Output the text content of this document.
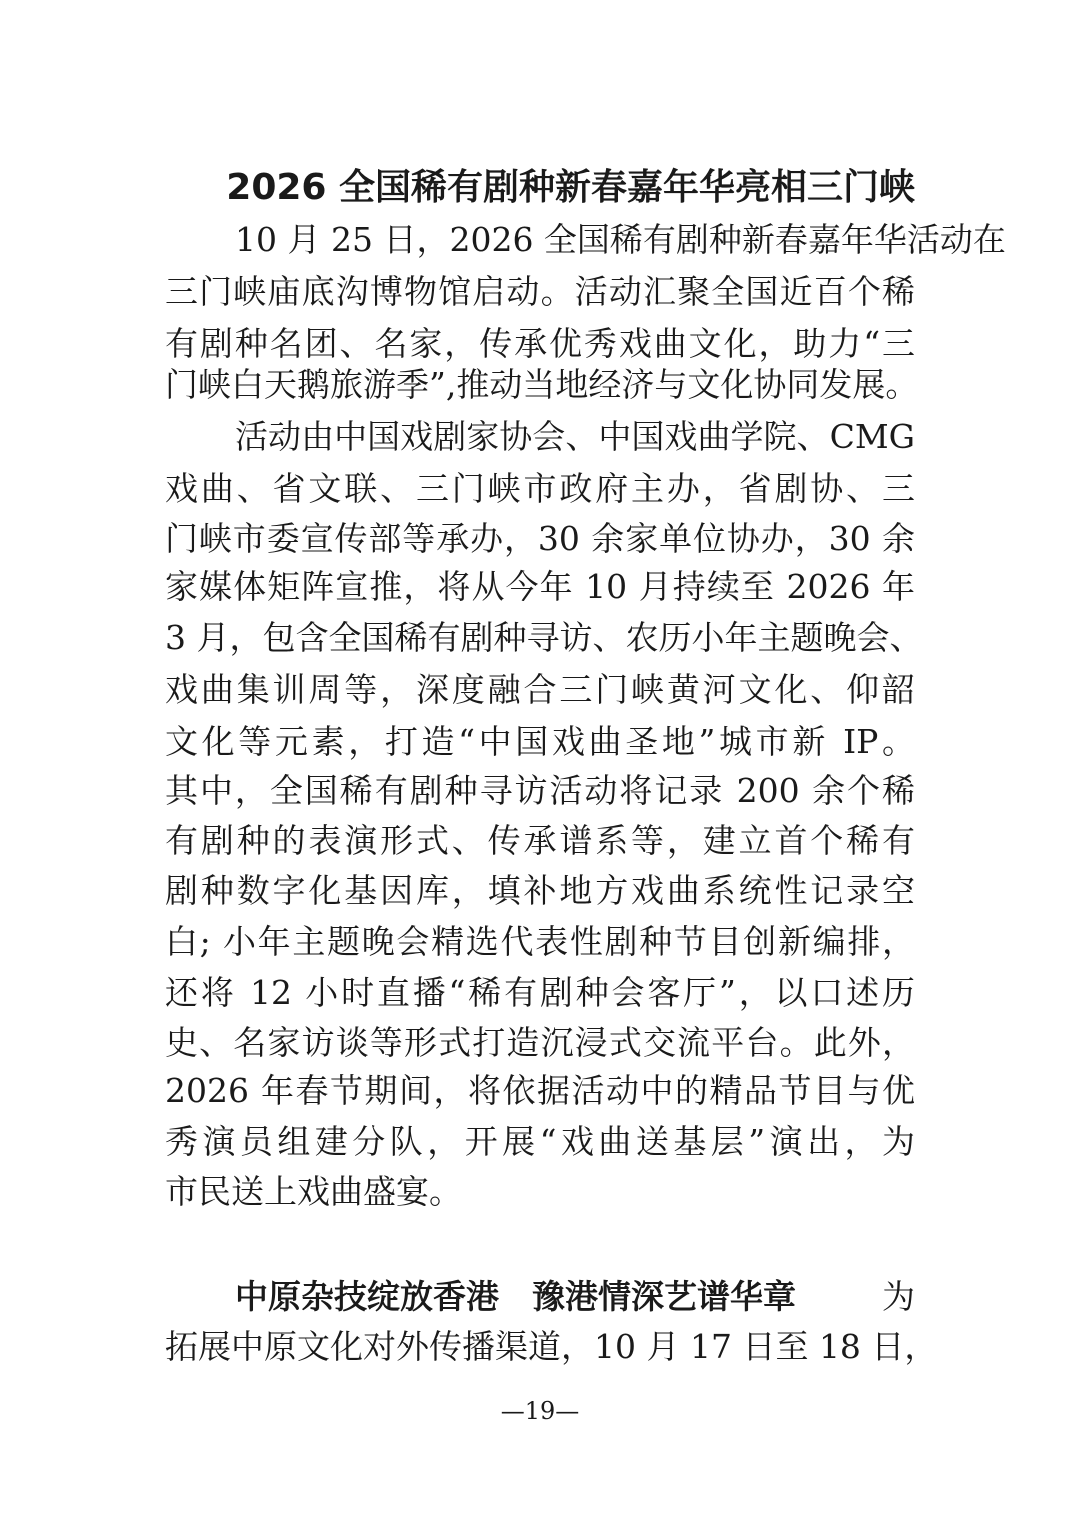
2026 全国稀有剧种新春嘉年华亮相三门峡
10 月 25 日，2026 全国稀有剧种新春嘉年华活动在
三门峡庙底沟博物馆启动。活动汇聚全国近百个稀
有剧种名团、名家，传承优秀戏曲文化，助力“三
门峡白天鹅旅游季”,推动当地经济与文化协同发展。
活动由中国戏剧家协会、中国戏曲学院、CMG
戏曲、省文联、三门峡市政府主办，省剧协、三
门峡市委宣传部等承办，30 余家单位协办，30 余
家媒体矩阵宣推，将从今年 10 月持续至 2026 年
3 月，包含全国稀有剧种寻访、农历小年主题晚会、
戏曲集训周等，深度融合三门峡黄河文化、仰韶
文化等元素，打造“中国戏曲圣地”城市新 IP。
其中，全国稀有剧种寻访活动将记录 200 余个稀
有剧种的表演形式、传承谱系等，建立首个稀有
剧种数字化基因库，填补地方戏曲系统性记录空
白; 小年主题晚会精选代表性剧种节目创新编排，
还将 12 小时直播“稀有剧种会客厅”，以口述历
史、名家访谈等形式打造沉浸式交流平台。此外，
2026 年春节期间，将依据活动中的精品节目与优
秀演员组建分队，开展“戏曲送基层”演出，为
市民送上戏曲盛宴。
中原杂技绽放香港　豫港情深艺谱华章	为
拓展中原文化对外传播渠道，10 月 17 日至 18 日，
—19—
